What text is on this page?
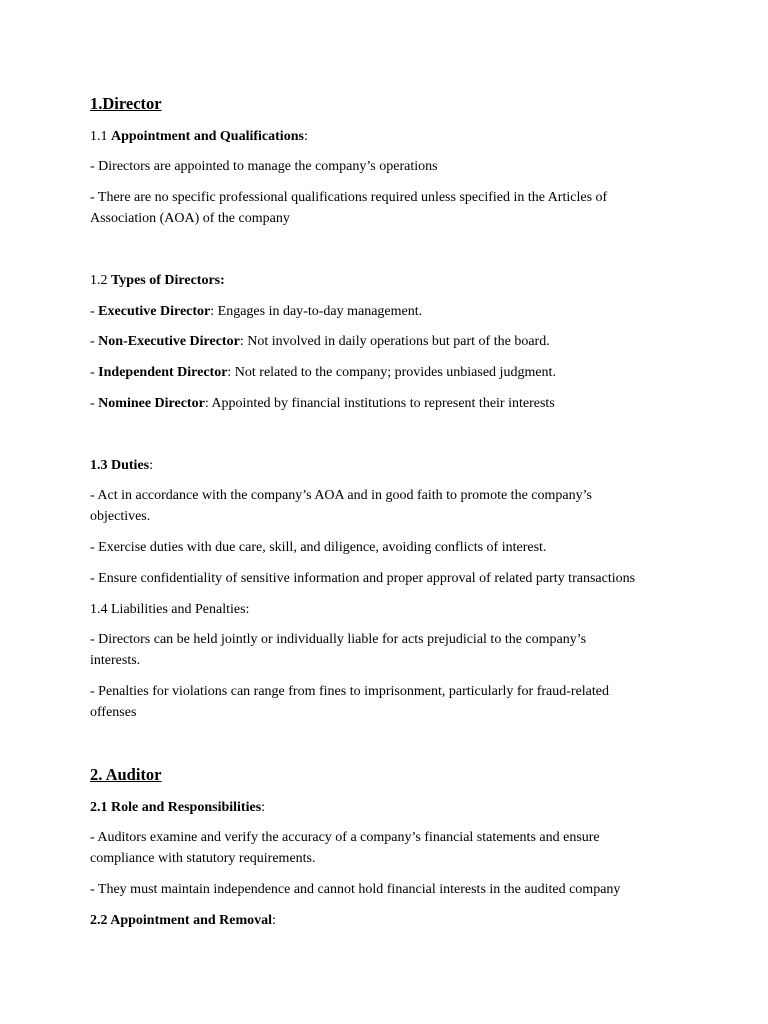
1.Director
1.1 Appointment and Qualifications:
- Directors are appointed to manage the company’s operations
- There are no specific professional qualifications required unless specified in the Articles of
Association (AOA) of the company
1.2 Types of Directors:
- Executive Director: Engages in day-to-day management.
- Non-Executive Director: Not involved in daily operations but part of the board.
- Independent Director: Not related to the company; provides unbiased judgment.
- Nominee Director: Appointed by financial institutions to represent their interests
1.3 Duties:
- Act in accordance with the company’s AOA and in good faith to promote the company’s
objectives.
- Exercise duties with due care, skill, and diligence, avoiding conflicts of interest.
- Ensure confidentiality of sensitive information and proper approval of related party transactions
1.4 Liabilities and Penalties:
- Directors can be held jointly or individually liable for acts prejudicial to the company’s
interests.
- Penalties for violations can range from fines to imprisonment, particularly for fraud-related
offenses
2. Auditor
2.1 Role and Responsibilities:
- Auditors examine and verify the accuracy of a company’s financial statements and ensure
compliance with statutory requirements.
- They must maintain independence and cannot hold financial interests in the audited company
2.2 Appointment and Removal:
